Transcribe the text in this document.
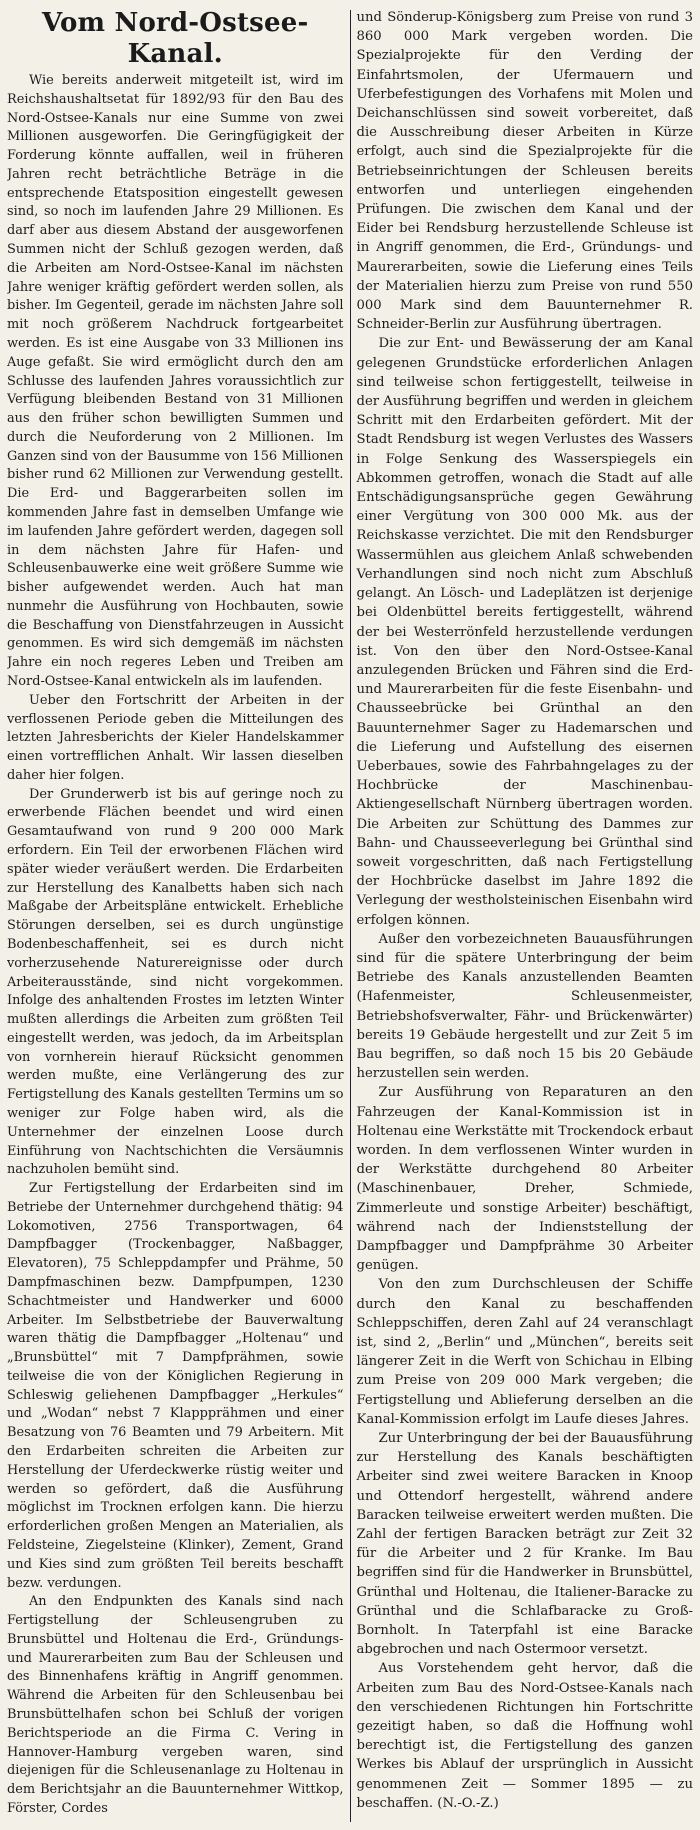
Vom Nord-Ostsee-Kanal.

Wie bereits anderweit mitgeteilt ist, wird im Reichshaushaltsetat für 1892/93 für den Bau des Nord-Ostsee-Kanals nur eine Summe von zwei Millionen ausgeworfen. Die Geringfügigkeit der Forderung könnte auffallen, weil in früheren Jahren recht beträchtliche Beträge in die entsprechende Etatsposition eingestellt gewesen sind, so noch im laufenden Jahre 29 Millionen. Es darf aber aus diesem Abstand der ausgeworfenen Summen nicht der Schluß gezogen werden, daß die Arbeiten am Nord-Ostsee-Kanal im nächsten Jahre weniger kräftig gefördert werden sollen, als bisher. Im Gegenteil, gerade im nächsten Jahre soll mit noch größerem Nachdruck fortgearbeitet werden. Es ist eine Ausgabe von 33 Millionen ins Auge gefaßt. Sie wird ermöglicht durch den am Schlusse des laufenden Jahres voraussichtlich zur Verfügung bleibenden Bestand von 31 Millionen aus den früher schon bewilligten Summen und durch die Neuforderung von 2 Millionen. Im Ganzen sind von der Bausumme von 156 Millionen bisher rund 62 Millionen zur Verwendung gestellt. Die Erd- und Baggerarbeiten sollen im kommenden Jahre fast in demselben Umfange wie im laufenden Jahre gefördert werden, dagegen soll in dem nächsten Jahre für Hafen- und Schleusenbauwerke eine weit größere Summe wie bisher aufgewendet werden. Auch hat man nunmehr die Ausführung von Hochbauten, sowie die Beschaffung von Dienstfahrzeugen in Aussicht genommen. Es wird sich demgemäß im nächsten Jahre ein noch regeres Leben und Treiben am Nord-Ostsee-Kanal entwickeln als im laufenden.

Ueber den Fortschritt der Arbeiten in der verflossenen Periode geben die Mitteilungen des letzten Jahresberichts der Kieler Handelskammer einen vortrefflichen Anhalt. Wir lassen dieselben daher hier folgen.

Der Grunderwerb ist bis auf geringe noch zu erwerbende Flächen beendet und wird einen Gesamtaufwand von rund 9 200 000 Mark erfordern. Ein Teil der erworbenen Flächen wird später wieder veräußert werden. Die Erdarbeiten zur Herstellung des Kanalbetts haben sich nach Maßgabe der Arbeitspläne entwickelt. Erhebliche Störungen derselben, sei es durch ungünstige Bodenbeschaffenheit, sei es durch nicht vorherzusehende Naturereignisse oder durch Arbeiterausstände, sind nicht vorgekommen. Infolge des anhaltenden Frostes im letzten Winter mußten allerdings die Arbeiten zum größten Teil eingestellt werden, was jedoch, da im Arbeitsplan von vornherein hierauf Rücksicht genommen werden mußte, eine Verlängerung des zur Fertigstellung des Kanals gestellten Termins um so weniger zur Folge haben wird, als die Unternehmer der einzelnen Loose durch Einführung von Nachtschichten die Versäumnis nachzuholen bemüht sind.

Zur Fertigstellung der Erdarbeiten sind im Betriebe der Unternehmer durchgehend thätig: 94 Lokomotiven, 2756 Transportwagen, 64 Dampfbagger (Trockenbagger, Naßbagger, Elevatoren), 75 Schleppdampfer und Prähme, 50 Dampfmaschinen bezw. Dampfpumpen, 1230 Schachtmeister und Handwerker und 6000 Arbeiter. Im Selbstbetriebe der Bauverwaltung waren thätig die Dampfbagger „Holtenau“ und „Brunsbüttel“ mit 7 Dampfprähmen, sowie teilweise die von der Königlichen Regierung in Schleswig geliehenen Dampfbagger „Herkules“ und „Wodan“ nebst 7 Klappprähmen und einer Besatzung von 76 Beamten und 79 Arbeitern. Mit den Erdarbeiten schreiten die Arbeiten zur Herstellung der Uferdeckwerke rüstig weiter und werden so gefördert, daß die Ausführung möglichst im Trocknen erfolgen kann. Die hierzu erforderlichen großen Mengen an Materialien, als Feldsteine, Ziegelsteine (Klinker), Zement, Grand und Kies sind zum größten Teil bereits beschafft bezw. verdungen.

An den Endpunkten des Kanals sind nach Fertigstellung der Schleusengruben zu Brunsbüttel und Holtenau die Erd-, Gründungs- und Maurerarbeiten zum Bau der Schleusen und des Binnenhafens kräftig in Angriff genommen. Während die Arbeiten für den Schleusenbau bei Brunsbüttelhafen schon bei Schluß der vorigen Berichtsperiode an die Firma C. Vering in Hannover-Hamburg vergeben waren, sind diejenigen für die Schleusenanlage zu Holtenau in dem Berichtsjahr an die Bauunternehmer Wittkop, Förster, Cordes

und Sönderup-Königsberg zum Preise von rund 3 860 000 Mark vergeben worden. Die Spezialprojekte für den Verding der Einfahrtsmolen, der Ufermauern und Uferbefestigungen des Vorhafens mit Molen und Deichanschlüssen sind soweit vorbereitet, daß die Ausschreibung dieser Arbeiten in Kürze erfolgt, auch sind die Spezialprojekte für die Betriebseinrichtungen der Schleusen bereits entworfen und unterliegen eingehenden Prüfungen. Die zwischen dem Kanal und der Eider bei Rendsburg herzustellende Schleuse ist in Angriff genommen, die Erd-, Gründungs- und Maurerarbeiten, sowie die Lieferung eines Teils der Materialien hierzu zum Preise von rund 550 000 Mark sind dem Bauunternehmer R. Schneider-Berlin zur Ausführung übertragen.

Die zur Ent- und Bewässerung der am Kanal gelegenen Grundstücke erforderlichen Anlagen sind teilweise schon fertiggestellt, teilweise in der Ausführung begriffen und werden in gleichem Schritt mit den Erdarbeiten gefördert. Mit der Stadt Rendsburg ist wegen Verlustes des Wassers in Folge Senkung des Wasserspiegels ein Abkommen getroffen, wonach die Stadt auf alle Entschädigungsansprüche gegen Gewährung einer Vergütung von 300 000 Mk. aus der Reichskasse verzichtet. Die mit den Rendsburger Wassermühlen aus gleichem Anlaß schwebenden Verhandlungen sind noch nicht zum Abschluß gelangt. An Lösch- und Ladeplätzen ist derjenige bei Oldenbüttel bereits fertiggestellt, während der bei Westerrönfeld herzustellende verdungen ist. Von den über den Nord-Ostsee-Kanal anzulegenden Brücken und Fähren sind die Erd- und Maurerarbeiten für die feste Eisenbahn- und Chausseebrücke bei Grünthal an den Bauunternehmer Sager zu Hademarschen und die Lieferung und Aufstellung des eisernen Ueberbaues, sowie des Fahrbahngelages zu der Hochbrücke der Maschinenbau-Aktiengesellschaft Nürnberg übertragen worden. Die Arbeiten zur Schüttung des Dammes zur Bahn- und Chausseeverlegung bei Grünthal sind soweit vorgeschritten, daß nach Fertigstellung der Hochbrücke daselbst im Jahre 1892 die Verlegung der westholsteinischen Eisenbahn wird erfolgen können.

Außer den vorbezeichneten Bauausführungen sind für die spätere Unterbringung der beim Betriebe des Kanals anzustellenden Beamten (Hafenmeister, Schleusenmeister, Betriebshofsverwalter, Fähr- und Brückenwärter) bereits 19 Gebäude hergestellt und zur Zeit 5 im Bau begriffen, so daß noch 15 bis 20 Gebäude herzustellen sein werden.

Zur Ausführung von Reparaturen an den Fahrzeugen der Kanal-Kommission ist in Holtenau eine Werkstätte mit Trockendock erbaut worden. In dem verflossenen Winter wurden in der Werkstätte durchgehend 80 Arbeiter (Maschinenbauer, Dreher, Schmiede, Zimmerleute und sonstige Arbeiter) beschäftigt, während nach der Indienststellung der Dampfbagger und Dampfprähme 30 Arbeiter genügen.

Von den zum Durchschleusen der Schiffe durch den Kanal zu beschaffenden Schleppschiffen, deren Zahl auf 24 veranschlagt ist, sind 2, „Berlin“ und „München“, bereits seit längerer Zeit in die Werft von Schichau in Elbing zum Preise von 209 000 Mark vergeben; die Fertigstellung und Ablieferung derselben an die Kanal-Kommission erfolgt im Laufe dieses Jahres.

Zur Unterbringung der bei der Bauausführung zur Herstellung des Kanals beschäftigten Arbeiter sind zwei weitere Baracken in Knoop und Ottendorf hergestellt, während andere Baracken teilweise erweitert werden mußten. Die Zahl der fertigen Baracken beträgt zur Zeit 32 für die Arbeiter und 2 für Kranke. Im Bau begriffen sind für die Handwerker in Brunsbüttel, Grünthal und Holtenau, die Italiener-Baracke zu Grünthal und die Schlafbaracke zu Groß-Bornholt. In Taterpfahl ist eine Baracke abgebrochen und nach Ostermoor versetzt.

Aus Vorstehendem geht hervor, daß die Arbeiten zum Bau des Nord-Ostsee-Kanals nach den verschiedenen Richtungen hin Fortschritte gezeitigt haben, so daß die Hoffnung wohl berechtigt ist, die Fertigstellung des ganzen Werkes bis Ablauf der ursprünglich in Aussicht genommenen Zeit — Sommer 1895 — zu beschaffen. (N.-O.-Z.)
